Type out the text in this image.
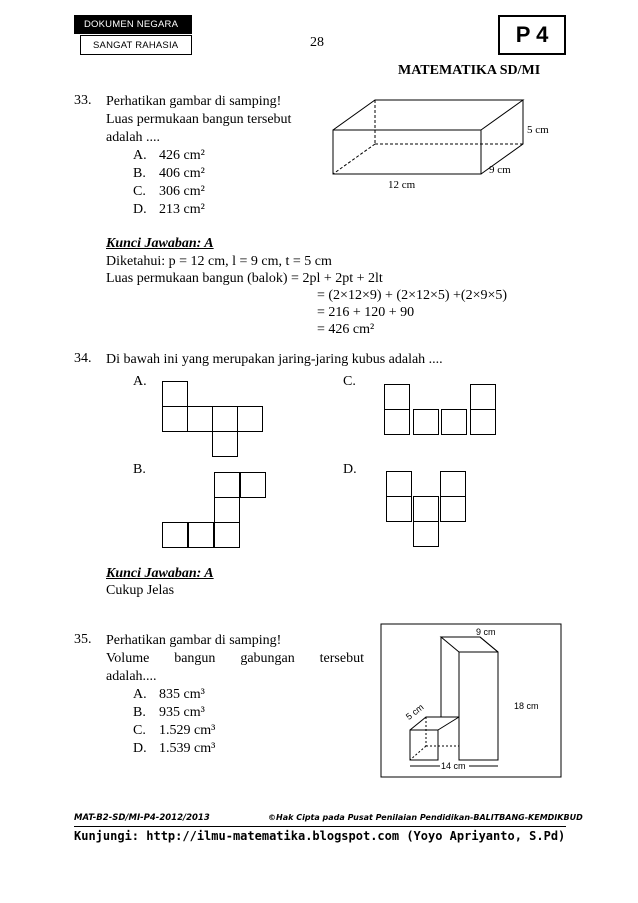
DOKUMEN NEGARA
SANGAT RAHASIA	28	P 4
MATEMATIKA SD/MI
33. Perhatikan gambar di samping!
Luas permukaan bangun tersebut
adalah ....
A. 426 cm²
B. 406 cm²
C. 306 cm²
D. 213 cm²
5 cm
9 cm
12 cm
Kunci Jawaban: A
Diketahui: p = 12 cm, l = 9 cm, t = 5 cm
Luas permukaan bangun (balok) = 2pl + 2pt + 2lt
= (2×12×9) + (2×12×5) +(2×9×5)
= 216 + 120 + 90
= 426 cm²
34. Di bawah ini yang merupakan jaring-jaring kubus adalah ....
A.	C.
B.	D.
Kunci Jawaban: A
Cukup Jelas
35. Perhatikan gambar di samping!
Volume bangun gabungan tersebut
adalah....
A. 835 cm³
B. 935 cm³
C. 1.529 cm³
D. 1.539 cm³
9 cm
18 cm
5 cm
14 cm
MAT-B2-SD/MI-P4-2012/2013	©Hak Cipta pada Pusat Penilaian Pendidikan-BALITBANG-KEMDIKBUD
Kunjungi: http://ilmu-matematika.blogspot.com (Yoyo Apriyanto, S.Pd)
